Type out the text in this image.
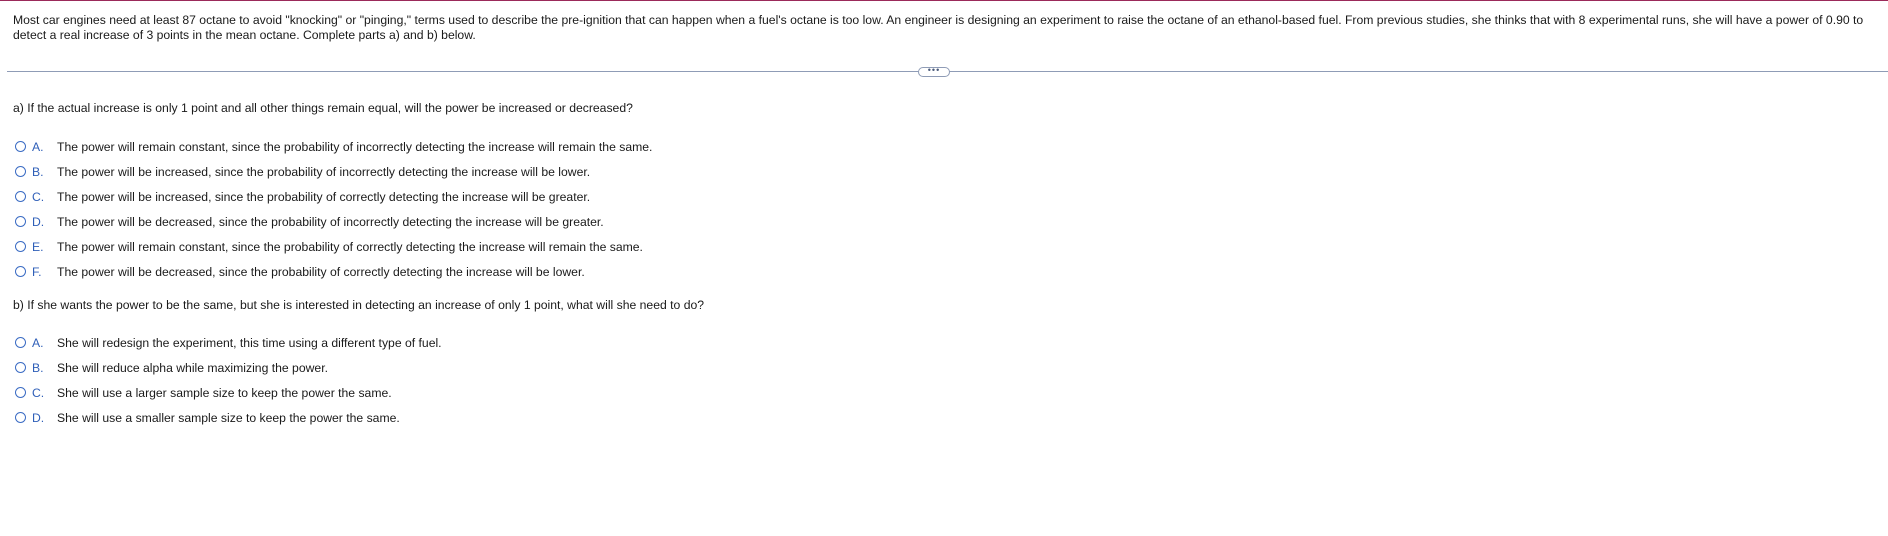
Most car engines need at least 87 octane to avoid "knocking" or "pinging," terms used to describe the pre-ignition that can happen when a fuel's octane is too low. An engineer is designing an experiment to raise the octane of an ethanol-based fuel. From previous studies, she thinks that with 8 experimental runs, she will have a power of 0.90 to detect a real increase of 3 points in the mean octane. Complete parts a) and b) below.
•••
a) If the actual increase is only 1 point and all other things remain equal, will the power be increased or decreased?
A.	The power will remain constant, since the probability of incorrectly detecting the increase will remain the same.
B.	The power will be increased, since the probability of incorrectly detecting the increase will be lower.
C.	The power will be increased, since the probability of correctly detecting the increase will be greater.
D.	The power will be decreased, since the probability of incorrectly detecting the increase will be greater.
E.	The power will remain constant, since the probability of correctly detecting the increase will remain the same.
F.	The power will be decreased, since the probability of correctly detecting the increase will be lower.
b) If she wants the power to be the same, but she is interested in detecting an increase of only 1 point, what will she need to do?
A.	She will redesign the experiment, this time using a different type of fuel.
B.	She will reduce alpha while maximizing the power.
C.	She will use a larger sample size to keep the power the same.
D.	She will use a smaller sample size to keep the power the same.
